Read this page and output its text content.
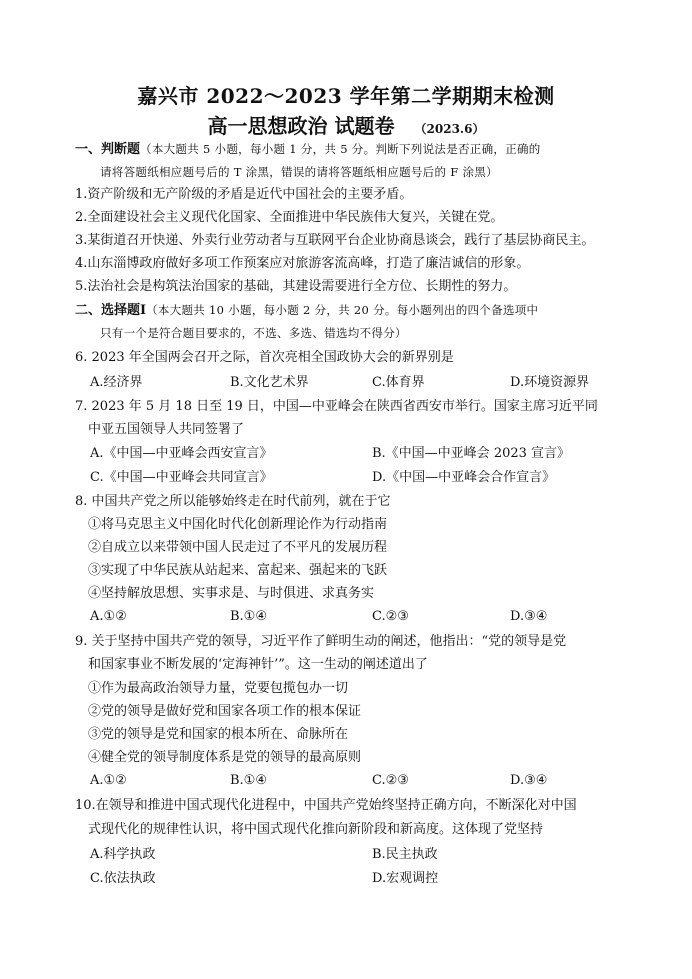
嘉兴市 2022～2023 学年第二学期期末检测
高一思想政治 试题卷 （2023.6）
一、判断题（本大题共 5 小题，每小题 1 分，共 5 分。判断下列说法是否正确，正确的
请将答题纸相应题号后的 T 涂黑，错误的请将答题纸相应题号后的 F 涂黑）
1.资产阶级和无产阶级的矛盾是近代中国社会的主要矛盾。
2.全面建设社会主义现代化国家、全面推进中华民族伟大复兴，关键在党。
3.某街道召开快递、外卖行业劳动者与互联网平台企业协商恳谈会，践行了基层协商民主。
4.山东淄博政府做好多项工作预案应对旅游客流高峰，打造了廉洁诚信的形象。
5.法治社会是构筑法治国家的基础，其建设需要进行全方位、长期性的努力。
二、选择题Ⅰ（本大题共 10 小题，每小题 2 分，共 20 分。每小题列出的四个备选项中
只有一个是符合题目要求的，不选、多选、错选均不得分）
6. 2023 年全国两会召开之际，首次亮相全国政协大会的新界别是
A.经济界	B.文化艺术界	C.体育界	D.环境资源界
7. 2023 年 5 月 18 日至 19 日，中国—中亚峰会在陕西省西安市举行。国家主席习近平同
中亚五国领导人共同签署了
A.《中国—中亚峰会西安宣言》	B.《中国—中亚峰会 2023 宣言》
C.《中国—中亚峰会共同宣言》	D.《中国—中亚峰会合作宣言》
8. 中国共产党之所以能够始终走在时代前列，就在于它
①将马克思主义中国化时代化创新理论作为行动指南
②自成立以来带领中国人民走过了不平凡的发展历程
③实现了中华民族从站起来、富起来、强起来的飞跃
④坚持解放思想、实事求是、与时俱进、求真务实
A.①②	B.①④	C.②③	D.③④
9. 关于坚持中国共产党的领导，习近平作了鲜明生动的阐述，他指出：“党的领导是党
和国家事业不断发展的‘定海神针’”。这一生动的阐述道出了
①作为最高政治领导力量，党要包揽包办一切
②党的领导是做好党和国家各项工作的根本保证
③党的领导是党和国家的根本所在、命脉所在
④健全党的领导制度体系是党的领导的最高原则
A.①②	B.①④	C.②③	D.③④
10.在领导和推进中国式现代化进程中，中国共产党始终坚持正确方向，不断深化对中国
式现代化的规律性认识，将中国式现代化推向新阶段和新高度。这体现了党坚持
A.科学执政	B.民主执政
C.依法执政	D.宏观调控
